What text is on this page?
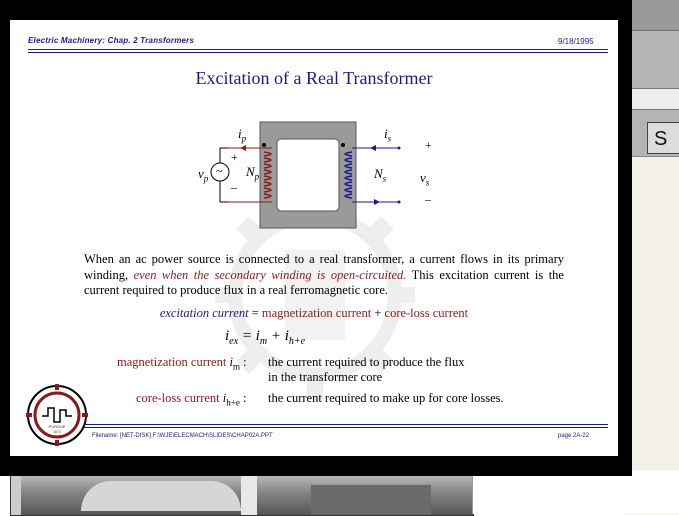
S
Electric Machinery: Chap. 2 Transformers	9/18/1995
Excitation of a Real Transformer
~
$i_p$	$i_s$
$v_p$	$v_s$
$N_p$	$N_s$
+
–
+
–
When an ac power source is connected to a real transformer, a current flows in its primary winding, even when the secondary winding is open-circuited. This excitation current is the current required to produce flux in a real ferromagnetic core.
excitation current = magnetization current + core-loss current
$i_{ex} = i_m + i_{h+e}$
magnetization current $i_m$ : the current required to produce the flux
in the transformer core
core-loss current $i_{h+e}$ : the current required to make up for core losses.
PURDUE
1874
Filename: [NET-DISK] F:\WJE\ELECMACH\SLIDES\CHAP02A.PPT	page 2A-22
